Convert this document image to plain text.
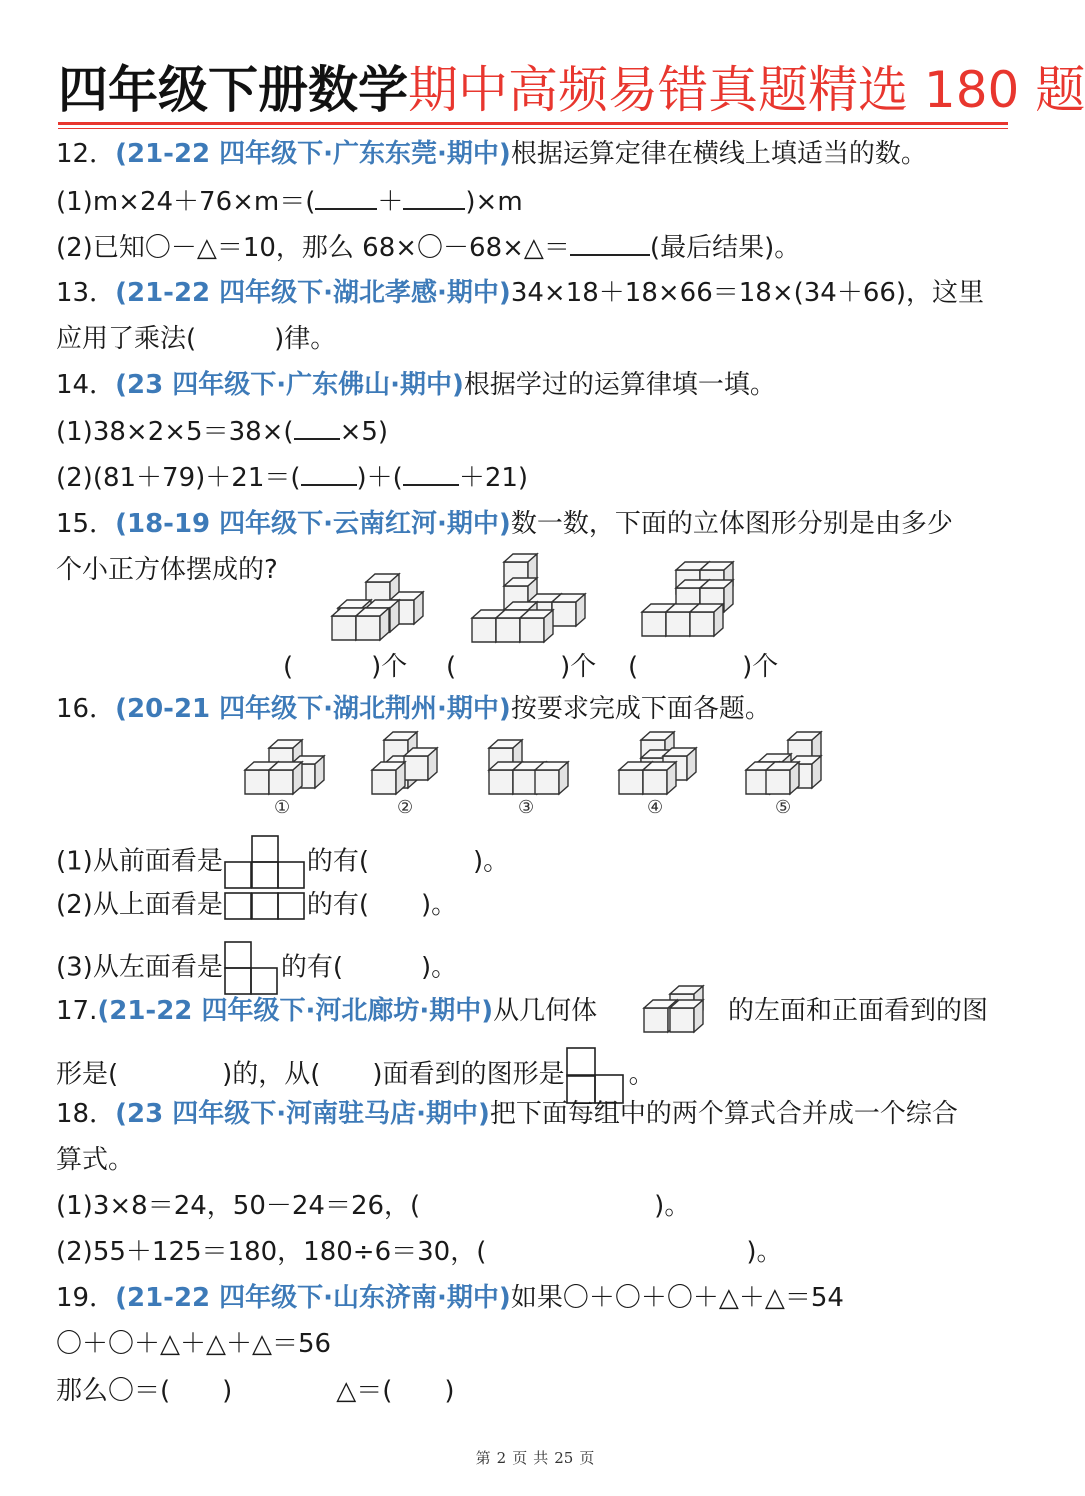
四年级下册数学期中高频易错真题精选 180 题
12．(21-22 四年级下·广东东莞·期中)根据运算定律在横线上填适当的数。
(1)m×24＋76×m＝( ＋ )×m
(2)已知〇－△＝10，那么 68×〇－68×△＝	(最后结果)。
13．(21-22 四年级下·湖北孝感·期中)34×18＋18×66＝18×(34＋66)，这里
应用了乘法(　　　)律。
14．(23 四年级下·广东佛山·期中)根据学过的运算律填一填。
(1)38×2×5＝38×( ×5)
(2)(81＋79)＋21＝( )＋( ＋21)
15．(18-19 四年级下·云南红河·期中)数一数，下面的立体图形分别是由多少
个小正方体摆成的?
(　　　)个 (　　　　)个 (　　　　)个
16．(20-21 四年级下·湖北荆州·期中)按要求完成下面各题。
①	②	③	④	⑤
(1)从前面看是	的有(　　　　)。
(2)从上面看是	的有(　　)。
(3)从左面看是 的有(　　　)。
17.(21-22 四年级下·河北廊坊·期中)从几何体	的左面和正面看到的图
形是(　　　　)的，从(　　)面看到的图形是 。
18．(23 四年级下·河南驻马店·期中)把下面每组中的两个算式合并成一个综合
算式。
(1)3×8＝24，50－24＝26，(　　　　　　　　　)。
(2)55＋125＝180，180÷6＝30，(　　　　　　　　　　)。
19．(21-22 四年级下·山东济南·期中)如果〇＋〇＋〇＋△＋△＝54
〇＋〇＋△＋△＋△＝56
那么〇＝(　　)　　　　△＝(　　)
第 2 页 共 25 页
